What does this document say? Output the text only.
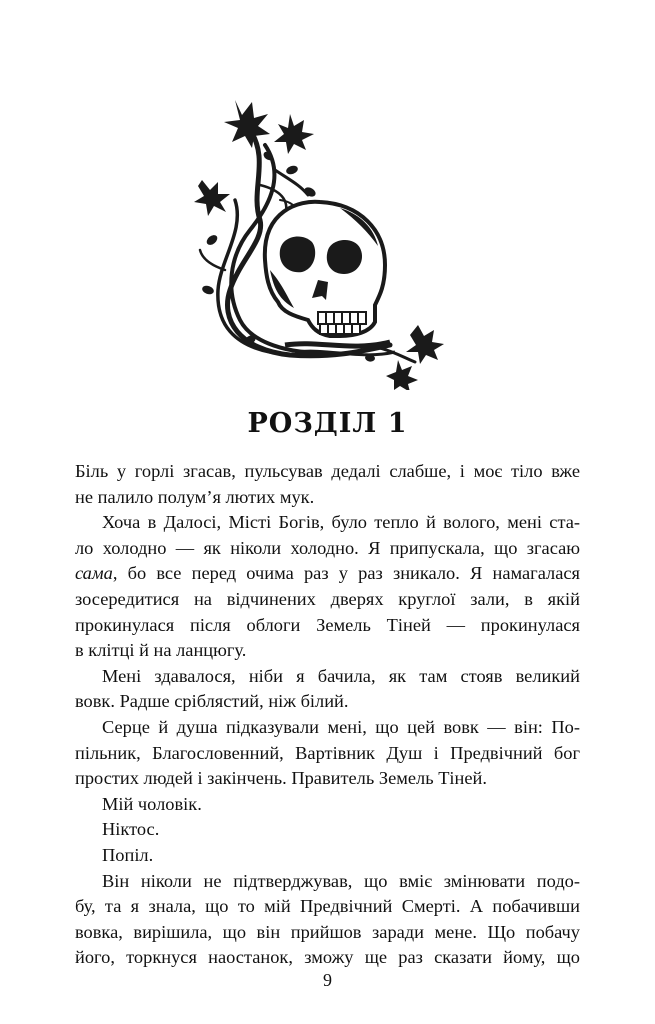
РОЗДІЛ 1
Біль у горлі згасав, пульсував дедалі слабше, і моє тіло вже
не палило полум’я лютих мук.
Хоча в Далосі, Місті Богів, було тепло й волого, мені ста-
ло холодно — як ніколи холодно. Я припускала, що згасаю
сама, бо все перед очима раз у раз зникало. Я намагалася
зосередитися на відчинених дверях круглої зали, в якій
прокинулася після облоги Земель Тіней — прокинулася
в клітці й на ланцюгу.
Мені здавалося, ніби я бачила, як там стояв великий
вовк. Радше сріблястий, ніж білий.
Серце й душа підказували мені, що цей вовк — він: По-
пільник, Благословенний, Вартівник Душ і Предвічний бог
простих людей і закінчень. Правитель Земель Тіней.
Мій чоловік.
Ніктос.
Попіл.
Він ніколи не підтверджував, що вміє змінювати подо-
бу, та я знала, що то мій Предвічний Смерті. А побачивши
вовка, вирішила, що він прийшов заради мене. Що побачу
його, торкнуся наостанок, зможу ще раз сказати йому, що
9
